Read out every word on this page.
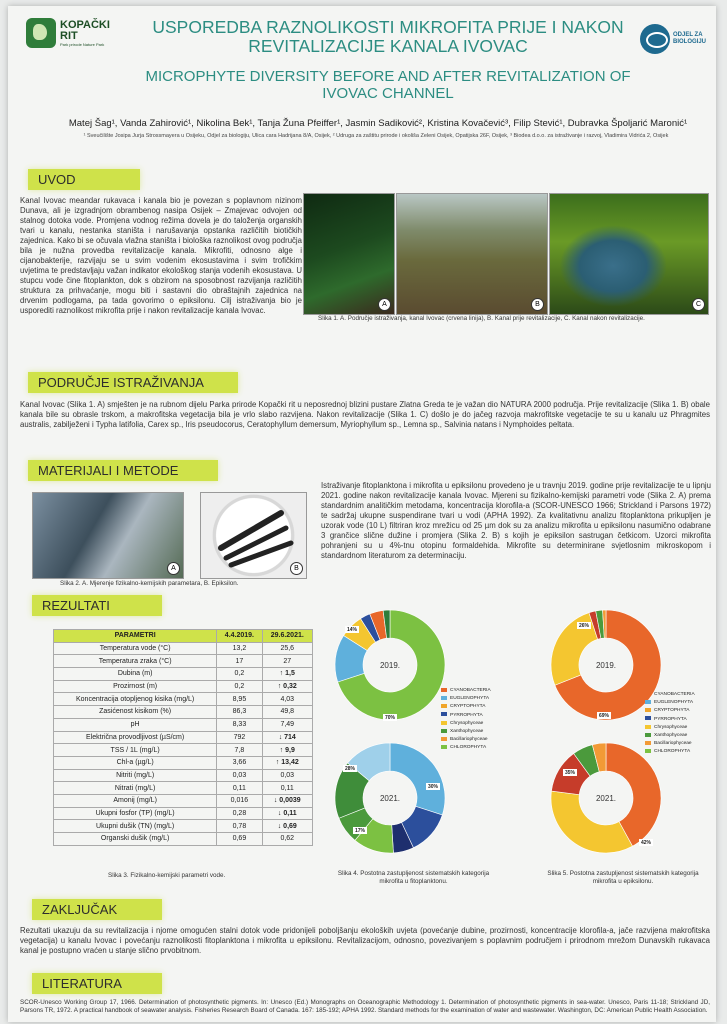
KOPAČKI
RIT
Park prirode Nature Park
USPOREDBA RAZNOLIKOSTI MIKROFITA PRIJE I NAKON REVITALIZACIJE KANALA IVOVAC
MICROPHYTE DIVERSITY BEFORE AND AFTER REVITALIZATION OF IVOVAC CHANNEL
ODJEL ZA
BIOLOGIJU
Matej Šag¹, Vanda Zahirović¹, Nikolina Bek¹, Tanja Žuna Pfeiffer¹, Jasmin Sadiković², Kristina Kovačević³, Filip Stević¹, Dubravka Špoljarić Maronić¹
¹ Sveučilište Josipa Jurja Strossmayera u Osijeku, Odjel za biologiju, Ulica cara Hadrijana 8/A, Osijek, ² Udruga za zaštitu prirode i okoliša Zeleni Osijek, Opatijska 26F, Osijek, ³ Biodea d.o.o. za istraživanje i razvoj, Vladimira Vidrića 2, Osijek
UVOD
Kanal Ivovac meandar rukavaca i kanala bio je povezan s poplavnom nizinom Dunava, ali je izgradnjom obrambenog nasipa Osijek – Zmajevac odvojen od stalnog dotoka vode. Promjena vodnog režima dovela je do taloženja organskih tvari u kanalu, nestanka staništa i narušavanja opstanka različitih biotičkih zajednica. Kako bi se očuvala vlažna staništa i biološka raznolikost ovog područja bila je nužna provedba revitalizacije kanala. Mikrofiti, odnosno alge i cijanobakterije, razvijaju se u svim vodenim ekosustavima i svim trofičkim uvjetima te predstavljaju važan indikator ekološkog stanja vodenih ekosustava. U stupcu vode čine fitoplankton, dok s obzirom na sposobnost razvijanja različitih struktura za prihvaćanje, mogu biti i sastavni dio obraštajnih zajednica na drvenim podlogama, pa tada govorimo o epiksilonu. Cilj istraživanja bio je usporediti raznolikost mikrofita prije i nakon revitalizacije kanala Ivovac.
A	B	C
Slika 1. A. Područje istraživanja, kanal Ivovac (crvena linija), B. Kanal prije revitalizacije, C. Kanal nakon revitalizacije.
PODRUČJE ISTRAŽIVANJA
Kanal Ivovac (Slika 1. A) smješten je na rubnom dijelu Parka prirode Kopački rit u neposrednoj blizini pustare Zlatna Greda te je važan dio NATURA 2000 područja. Prije revitalizacije (Slika 1. B) obale kanala bile su obrasle trskom, a makrofitska vegetacija bila je vrlo slabo razvijena. Nakon revitalizacije (Slika 1. C) došlo je do jačeg razvoja makrofitske vegetacije te su u kanalu uz Phragmites australis, zabilježeni i Typha latifolia, Carex sp., Iris pseudocorus, Ceratophyllum demersum, Myriophyllum sp., Lemna sp., Salvinia natans i Nymphoides peltata.
MATERIJALI I METODE
A	B
Slika 2. A. Mjerenje fizikalno-kemijskih parametara, B. Epiksilon.
Istraživanje fitoplanktona i mikrofita u epiksilonu provedeno je u travnju 2019. godine prije revitalizacije te u lipnju 2021. godine nakon revitalizacije kanala Ivovac. Mjereni su fizikalno-kemijski parametri vode (Slika 2. A) prema standardnim analitičkim metodama, koncentracija klorofila-a (SCOR-UNESCO 1966; Strickland i Parsons 1972) te sadržaj ukupne suspendirane tvari u vodi (APHA 1992). Za kvalitativnu analizu fitoplanktona prikupljen je uzorak vode (10 L) filtriran kroz mrežicu od 25 µm dok su za analizu mikrofita u epiksilonu nasumično odabrane 3 grančice slične dužine i promjera (Slika 2. B) s kojih je epiksilon sastrugan četkicom. Uzorci mikrofita pohranjeni su u 4%-tnu otopinu formaldehida. Mikrofite su determinirane svjetlosnim mikroskopom i standardnom literaturom za determinaciju.
REZULTATI
PARAMETRI	4.4.2019.	29.6.2021.
Temperatura vode (°C)	13,2	25,6
Temperatura zraka (°C)	17	27
Dubina (m)	0,2	↑ 1,5
Prozirnost (m)	0,2	↑ 0,32
Koncentracija otopljenog kisika (mg/L)	8,95	4,03
Zasićenost kisikom (%)	86,3	49,8
pH	8,33	7,49
Električna provodljivost (µS/cm)	792	↓ 714
TSS / 1L (mg/L)	7,8	↑ 9,9
Chl-a (µg/L)	3,66	↑ 13,42
Nitriti (mg/L)	0,03	0,03
Nitrati (mg/L)	0,11	0,11
Amonij (mg/L)	0,016	↓ 0,0039
Ukupni fosfor (TP) (mg/L)	0,28	↓ 0,11
Ukupni dušik (TN) (mg/L)	0,78	↓ 0,69
Organski dušik (mg/L)	0,69	0,62
Slika 3. Fizikalno-kemijski parametri vode.
2019.
70%
14%
2021.
30%
17%
28%
2019.
69%
26%
2021.
42%
35%
CYANOBACTERIA
EUGLENOPHYTA
CRYPTOPHYTA
PYRROPHYTA
Chrysophyceae
Xanthophyceae
Bacillariophyceae
CHLOROPHYTA
CYANOBACTERIA
EUGLENOPHYTA
CRYPTOPHYTA
PYRROPHYTA
Chrysophyceae
Xanthophyceae
Bacillariophyceae
CHLOROPHYTA
Slika 4. Postotna zastupljenost sistematskih kategorija mikrofita u fitoplanktonu.
Slika 5. Postotna zastupljenost sistematskih kategorija mikrofita u epiksilonu.
ZAKLJUČAK
Rezultati ukazuju da su revitalizacija i njome omogućen stalni dotok vode pridonijeli poboljšanju ekoloških uvjeta (povećanje dubine, prozirnosti, koncentracije klorofila-a, jače razvijena makrofitska vegetacija) u kanalu Ivovac i povećanju raznolikosti fitoplanktona i mikrofita u epiksilonu. Revitalizacijom, odnosno, povezivanjem s poplavnim područjem i prirodnom mrežom Dunavskih rukavaca kanal je postupno vraćen u stanje slično prvobitnom.
LITERATURA
SCOR-Unesco Working Group 17, 1966. Determination of photosynthetic pigments. In: Unesco (Ed.) Monographs on Oceanographic Methodology 1. Determination of photosynthetic pigments in sea-water. Unesco, Paris 11-18; Strickland JD, Parsons TR, 1972. A practical handbook of seawater analysis. Fisheries Research Board of Canada. 167: 185-192; APHA 1992. Standard methods for the examination of water and wastewater. Washington, DC: American Public Health Association.
